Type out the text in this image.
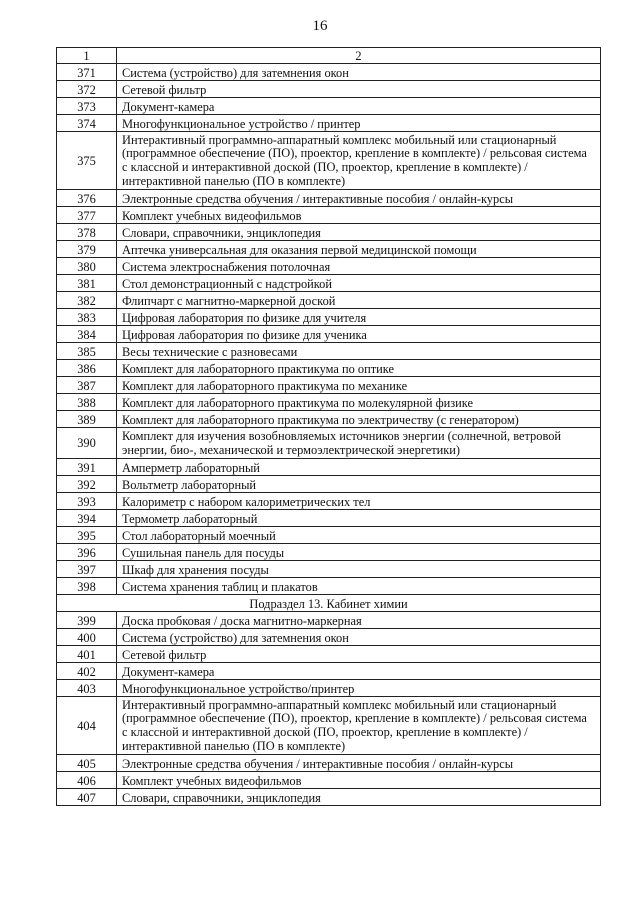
16
1	2
371	Система (устройство) для затемнения окон
372	Сетевой фильтр
373	Документ-камера
374	Многофункциональное устройство / принтер
375	Интерактивный программно-аппаратный комплекс мобильный или стационарный (программное обеспечение (ПО), проектор, крепление в комплекте) / рельсовая система с классной и интерактивной доской (ПО, проектор, крепление в комплекте) / интерактивной панелью (ПО в комплекте)
376	Электронные средства обучения / интерактивные пособия / онлайн-курсы
377	Комплект учебных видеофильмов
378	Словари, справочники, энциклопедия
379	Аптечка универсальная для оказания первой медицинской помощи
380	Система электроснабжения потолочная
381	Стол демонстрационный с надстройкой
382	Флипчарт с магнитно-маркерной доской
383	Цифровая лаборатория по физике для учителя
384	Цифровая лаборатория по физике для ученика
385	Весы технические с разновесами
386	Комплект для лабораторного практикума по оптике
387	Комплект для лабораторного практикума по механике
388	Комплект для лабораторного практикума по молекулярной физике
389	Комплект для лабораторного практикума по электричеству (с генератором)
390	Комплект для изучения возобновляемых источников энергии (солнечной, ветровой энергии, био-, механической и термоэлектрической энергетики)
391	Амперметр лабораторный
392	Вольтметр лабораторный
393	Калориметр с набором калориметрических тел
394	Термометр лабораторный
395	Стол лабораторный моечный
396	Сушильная панель для посуды
397	Шкаф для хранения посуды
398	Система хранения таблиц и плакатов
Подраздел 13. Кабинет химии	
399	Доска пробковая / доска магнитно-маркерная
400	Система (устройство) для затемнения окон
401	Сетевой фильтр
402	Документ-камера
403	Многофункциональное устройство/принтер
404	Интерактивный программно-аппаратный комплекс мобильный или стационарный (программное обеспечение (ПО), проектор, крепление в комплекте) / рельсовая система с классной и интерактивной доской (ПО, проектор, крепление в комплекте) / интерактивной панелью (ПО в комплекте)
405	Электронные средства обучения / интерактивные пособия / онлайн-курсы
406	Комплект учебных видеофильмов
407	Словари, справочники, энциклопедия
